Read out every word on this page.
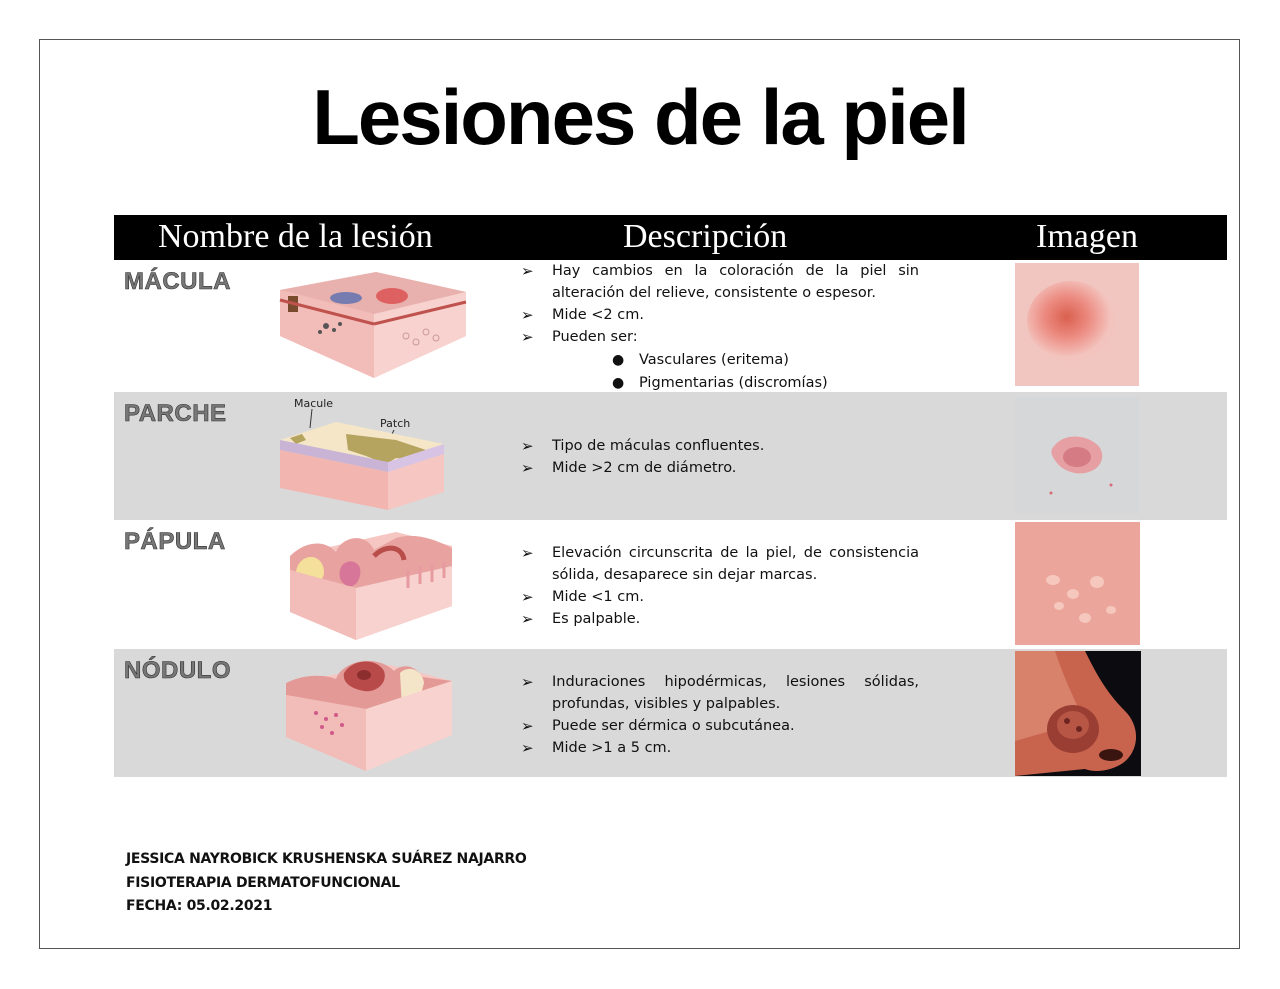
Lesiones de la piel
Nombre de la lesión	Descripción	Imagen
MÁCULA	➢ Hay cambios en la coloración de la piel sin alteración del relieve, consistente o espesor.
➢ Mide <2 cm.
➢ Pueden ser:
● Vasculares (eritema)
● Pigmentarias (discromías)
PARCHE	Macule
Patch
➢ Tipo de máculas confluentes.
➢ Mide >2 cm de diámetro.
PÁPULA	➢ Elevación circunscrita de la piel, de consistencia sólida, desaparece sin dejar marcas.
➢ Mide <1 cm.
➢ Es palpable.
NÓDULO	➢ Induraciones hipodérmicas, lesiones sólidas, profundas, visibles y palpables.
➢ Puede ser dérmica o subcutánea.
➢ Mide >1 a 5 cm.
JESSICA NAYROBICK KRUSHENSKA SUÁREZ NAJARRO
FISIOTERAPIA DERMATOFUNCIONAL
FECHA: 05.02.2021
